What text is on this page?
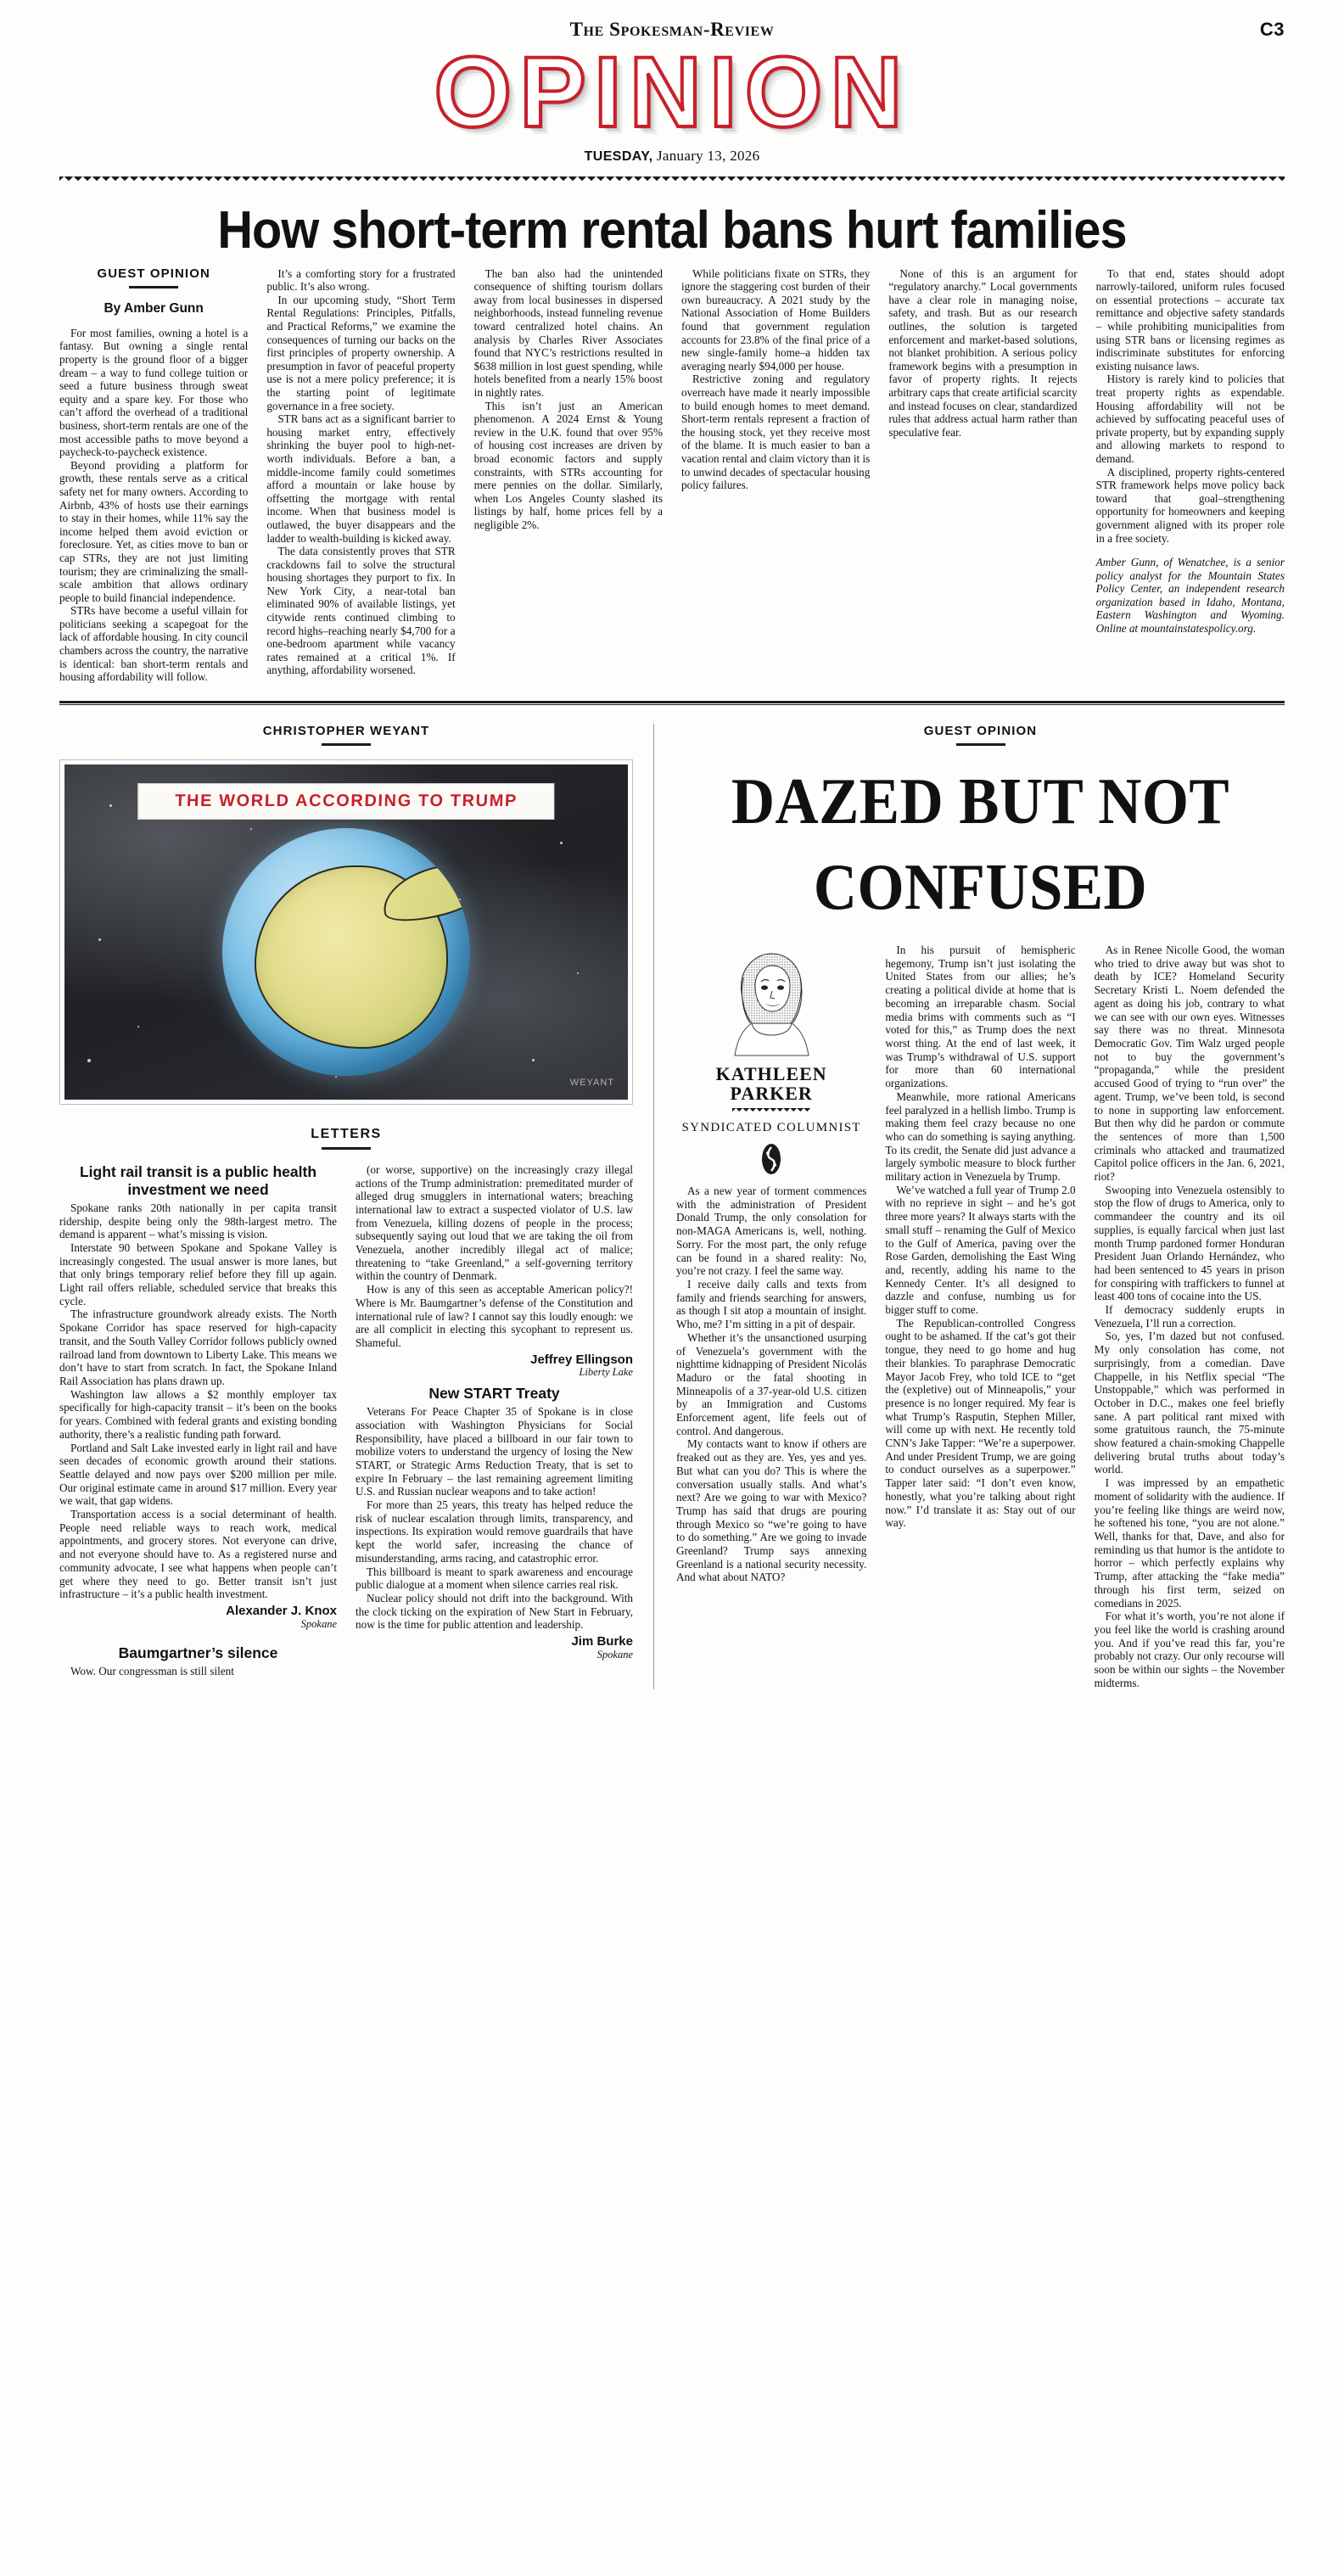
C3
The Spokesman-Review
OPINION
TUESDAY, January 13, 2026
How short-term rental bans hurt families
GUEST OPINION
By Amber Gunn

For most families, owning a hotel is a fantasy. But owning a single rental property is the ground floor of a bigger dream – a way to fund college tuition or seed a future business through sweat equity and a spare key. For those who can’t afford the overhead of a traditional business, short-term rentals are one of the most accessible paths to move beyond a paycheck-to-paycheck existence.

Beyond providing a platform for growth, these rentals serve as a critical safety net for many owners. According to Airbnb, 43% of hosts use their earnings to stay in their homes, while 11% say the income helped them avoid eviction or foreclosure. Yet, as cities move to ban or cap STRs, they are not just limiting tourism; they are criminalizing the small-scale ambition that allows ordinary people to build financial independence.

STRs have become a useful villain for politicians seeking a scapegoat for the lack of affordable housing. In city council chambers across the country, the narrative is identical: ban short-term rentals and housing affordability will follow.

It’s a comforting story for a frustrated public. It’s also wrong.

In our upcoming study, “Short Term Rental Regulations: Principles, Pitfalls, and Practical Reforms,” we examine the consequences of turning our backs on the first principles of property ownership. A presumption in favor of peaceful property use is not a mere policy preference; it is the starting point of legitimate governance in a free society.

STR bans act as a significant barrier to housing market entry, effectively shrinking the buyer pool to high-net-worth individuals. Before a ban, a middle-income family could sometimes afford a mountain or lake house by offsetting the mortgage with rental income. When that business model is outlawed, the buyer disappears and the ladder to wealth-building is kicked away.

The data consistently proves that STR crackdowns fail to solve the structural housing shortages they purport to fix. In New York City, a near-total ban eliminated 90% of available listings, yet citywide rents continued climbing to record highs–reaching nearly $4,700 for a one-bedroom apartment while vacancy rates remained at a critical 1%. If anything, affordability worsened.

The ban also had the unintended consequence of shifting tourism dollars away from local businesses in dispersed neighborhoods, instead funneling revenue toward centralized hotel chains. An analysis by Charles River Associates found that NYC’s restrictions resulted in $638 million in lost guest spending, while hotels benefited from a nearly 15% boost in nightly rates.

This isn’t just an American phenomenon. A 2024 Ernst & Young review in the U.K. found that over 95% of housing cost increases are driven by broad economic factors and supply constraints, with STRs accounting for mere pennies on the dollar. Similarly, when Los Angeles County slashed its listings by half, home prices fell by a negligible 2%.

While politicians fixate on STRs, they ignore the staggering cost burden of their own bureaucracy. A 2021 study by the National Association of Home Builders found that government regulation accounts for 23.8% of the final price of a new single-family home–a hidden tax averaging nearly $94,000 per house.

Restrictive zoning and regulatory overreach have made it nearly impossible to build enough homes to meet demand. Short-term rentals represent a fraction of the housing stock, yet they receive most of the blame. It is much easier to ban a vacation rental and claim victory than it is to unwind decades of spectacular housing policy failures.

None of this is an argument for “regulatory anarchy.” Local governments have a clear role in managing noise, safety, and trash. But as our research outlines, the solution is targeted enforcement and market-based solutions, not blanket prohibition. A serious policy framework begins with a presumption in favor of property rights. It rejects arbitrary caps that create artificial scarcity and instead focuses on clear, standardized rules that address actual harm rather than speculative fear.

To that end, states should adopt narrowly-tailored, uniform rules focused on essential protections – accurate tax remittance and objective safety standards – while prohibiting municipalities from using STR bans or licensing regimes as indiscriminate substitutes for enforcing existing nuisance laws.

History is rarely kind to policies that treat property rights as expendable. Housing affordability will not be achieved by suffocating peaceful uses of private property, but by expanding supply and allowing markets to respond to demand.

A disciplined, property rights-centered STR framework helps move policy back toward that goal–strengthening opportunity for homeowners and keeping government aligned with its proper role in a free society.

Amber Gunn, of Wenatchee, is a senior policy analyst for the Mountain States Policy Center, an independent research organization based in Idaho, Montana, Eastern Washington and Wyoming. Online at mountainstatespolicy.org.

CHRISTOPHER WEYANT
THE WORLD ACCORDING TO TRUMP
WEYANT
LETTERS
Light rail transit is a public health investment we need

Spokane ranks 20th nationally in per capita transit ridership, despite being only the 98th-largest metro. The demand is apparent – what’s missing is vision.

Interstate 90 between Spokane and Spokane Valley is increasingly congested. The usual answer is more lanes, but that only brings temporary relief before they fill up again. Light rail offers reliable, scheduled service that breaks this cycle.

The infrastructure groundwork already exists. The North Spokane Corridor has space reserved for high-capacity transit, and the South Valley Corridor follows publicly owned railroad land from downtown to Liberty Lake. This means we don’t have to start from scratch. In fact, the Spokane Inland Rail Association has plans drawn up.

Washington law allows a $2 monthly employer tax specifically for high-capacity transit – it’s been on the books for years. Combined with federal grants and existing bonding authority, there’s a realistic funding path forward.

Portland and Salt Lake invested early in light rail and have seen decades of economic growth around their stations. Seattle delayed and now pays over $200 million per mile. Our original estimate came in around $17 million. Every year we wait, that gap widens.

Transportation access is a social determinant of health. People need reliable ways to reach work, medical appointments, and grocery stores. Not everyone can drive, and not everyone should have to. As a registered nurse and community advocate, I see what happens when people can’t get where they need to go. Better transit isn’t just infrastructure – it’s a public health investment.

Alexander J. Knox
Spokane
Baumgartner’s silence

Wow. Our congressman is still silent

(or worse, supportive) on the increasingly crazy illegal actions of the Trump administration: premeditated murder of alleged drug smugglers in international waters; breaching international law to extract a suspected violator of U.S. law from Venezuela, killing dozens of people in the process; subsequently saying out loud that we are taking the oil from Venezuela, another incredibly illegal act of malice; threatening to “take Greenland,” a self-governing territory within the country of Denmark.

How is any of this seen as acceptable American policy?! Where is Mr. Baumgartner’s defense of the Constitution and international rule of law? I cannot say this loudly enough: we are all complicit in electing this sycophant to represent us. Shameful.

Jeffrey Ellingson
Liberty Lake
New START Treaty

Veterans For Peace Chapter 35 of Spokane is in close association with Washington Physicians for Social Responsibility, have placed a billboard in our fair town to mobilize voters to understand the urgency of losing the New START, or Strategic Arms Reduction Treaty, that is set to expire In February – the last remaining agreement limiting U.S. and Russian nuclear weapons and to take action!

For more than 25 years, this treaty has helped reduce the risk of nuclear escalation through limits, transparency, and inspections. Its expiration would remove guardrails that have kept the world safer, increasing the chance of misunderstanding, arms racing, and catastrophic error.

This billboard is meant to spark awareness and encourage public dialogue at a moment when silence carries real risk.

Nuclear policy should not drift into the background. With the clock ticking on the expiration of New Start in February, now is the time for public attention and leadership.

Jim Burke
Spokane
GUEST OPINION
DAZED BUT NOT
CONFUSED
KATHLEEN
PARKER
SYNDICATED COLUMNIST

As a new year of torment commences with the administration of President Donald Trump, the only consolation for non-MAGA Americans is, well, nothing. Sorry. For the most part, the only refuge can be found in a shared reality: No, you’re not crazy. I feel the same way.

I receive daily calls and texts from family and friends searching for answers, as though I sit atop a mountain of insight. Who, me? I’m sitting in a pit of despair.

Whether it’s the unsanctioned usurping of Venezuela’s government with the nighttime kidnapping of President Nicolás Maduro or the fatal shooting in Minneapolis of a 37-year-old U.S. citizen by an Immigration and Customs Enforcement agent, life feels out of control. And dangerous.

My contacts want to know if others are freaked out as they are. Yes, yes and yes. But what can you do? This is where the conversation usually stalls. And what’s next? Are we going to war with Mexico? Trump has said that drugs are pouring through Mexico so “we’re going to have to do something.” Are we going to invade Greenland? Trump says annexing Greenland is a national security necessity. And what about NATO?

In his pursuit of hemispheric hegemony, Trump isn’t just isolating the United States from our allies; he’s creating a political divide at home that is becoming an irreparable chasm. Social media brims with comments such as “I voted for this,” as Trump does the next worst thing. At the end of last week, it was Trump’s withdrawal of U.S. support for more than 60 international organizations.

Meanwhile, more rational Americans feel paralyzed in a hellish limbo. Trump is making them feel crazy because no one who can do something is saying anything. To its credit, the Senate did just advance a largely symbolic measure to block further military action in Venezuela by Trump.

We’ve watched a full year of Trump 2.0 with no reprieve in sight – and he’s got three more years? It always starts with the small stuff – renaming the Gulf of Mexico to the Gulf of America, paving over the Rose Garden, demolishing the East Wing and, recently, adding his name to the Kennedy Center. It’s all designed to dazzle and confuse, numbing us for bigger stuff to come.

The Republican-controlled Congress ought to be ashamed. If the cat’s got their tongue, they need to go home and hug their blankies. To paraphrase Democratic Mayor Jacob Frey, who told ICE to “get the (expletive) out of Minneapolis,” your presence is no longer required. My fear is what Trump’s Rasputin, Stephen Miller, will come up with next. He recently told CNN’s Jake Tapper: “We’re a superpower. And under President Trump, we are going to conduct ourselves as a superpower.” Tapper later said: “I don’t even know, honestly, what you’re talking about right now.” I’d translate it as: Stay out of our way.

As in Renee Nicolle Good, the woman who tried to drive away but was shot to death by ICE? Homeland Security Secretary Kristi L. Noem defended the agent as doing his job, contrary to what we can see with our own eyes. Witnesses say there was no threat. Minnesota Democratic Gov. Tim Walz urged people not to buy the government’s “propaganda,” while the president accused Good of trying to “run over” the agent. Trump, we’ve been told, is second to none in supporting law enforcement. But then why did he pardon or commute the sentences of more than 1,500 criminals who attacked and traumatized Capitol police officers in the Jan. 6, 2021, riot?

Swooping into Venezuela ostensibly to stop the flow of drugs to America, only to commandeer the country and its oil supplies, is equally farcical when just last month Trump pardoned former Honduran President Juan Orlando Hernández, who had been sentenced to 45 years in prison for conspiring with traffickers to funnel at least 400 tons of cocaine into the US.

If democracy suddenly erupts in Venezuela, I’ll run a correction.

So, yes, I’m dazed but not confused. My only consolation has come, not surprisingly, from a comedian. Dave Chappelle, in his Netflix special “The Unstoppable,” which was performed in October in D.C., makes one feel briefly sane. A part political rant mixed with some gratuitous raunch, the 75-minute show featured a chain-smoking Chappelle delivering brutal truths about today’s world.

I was impressed by an empathetic moment of solidarity with the audience. If you’re feeling like things are weird now, he softened his tone, “you are not alone.” Well, thanks for that, Dave, and also for reminding us that humor is the antidote to horror – which perfectly explains why Trump, after attacking the “fake media” through his first term, seized on comedians in 2025.

For what it’s worth, you’re not alone if you feel like the world is crashing around you. And if you’ve read this far, you’re probably not crazy. Our only recourse will soon be within our sights – the November midterms.
